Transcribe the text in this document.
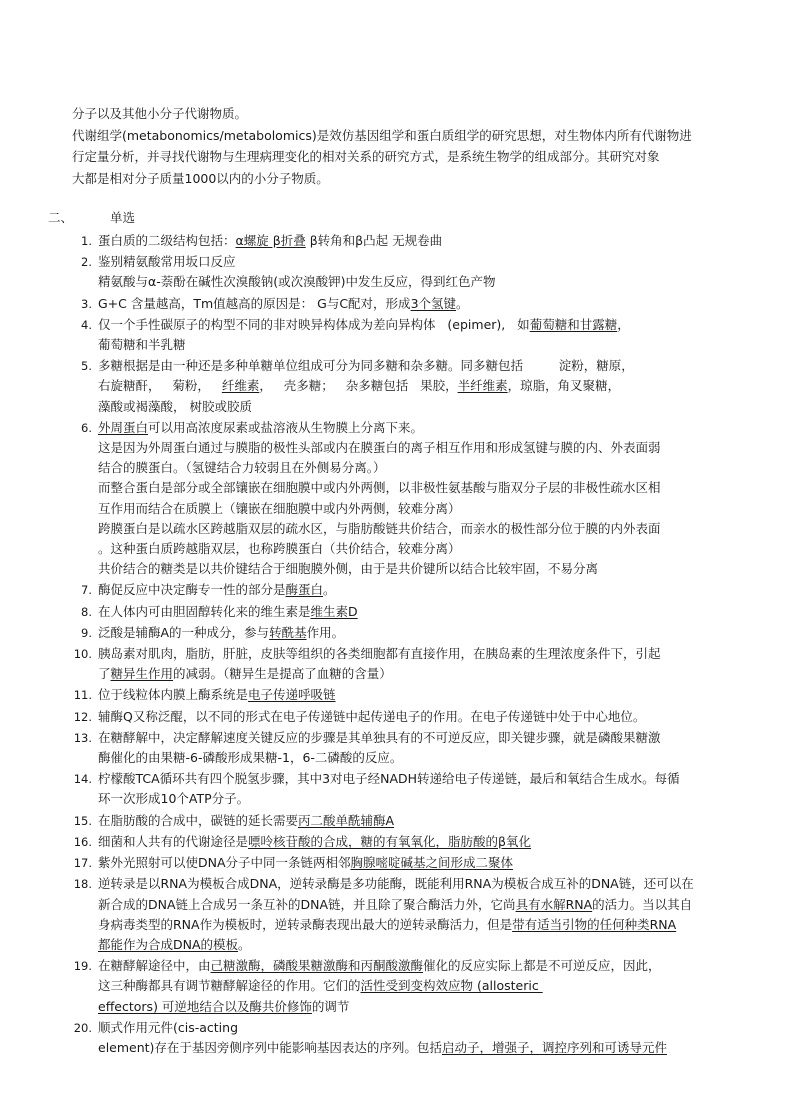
分子以及其他小分子代谢物质。

代谢组学(metabonomics/metabolomics)是效仿基因组学和蛋白质组学的研究思想，对生物体内所有代谢物进

行定量分析，并寻找代谢物与生理病理变化的相对关系的研究方式，是系统生物学的组成部分。其研究对象

大都是相对分子质量1000以内的小分子物质。

二、	单选
1. 蛋白质的二级结构包括：α螺旋 β折叠 β转角和β凸起 无规卷曲
2. 鉴别精氨酸常用坂口反应
精氨酸与α-萘酚在碱性次溴酸钠(或次溴酸钾)中发生反应，得到红色产物
3. G+C 含量越高，Tm值越高的原因是： G与C配对，形成3个氢键。
4. 仅一个手性碳原子的构型不同的非对映异构体成为差向异构体   (epimer),   如葡萄糖和甘露糖，
葡萄糖和半乳糖
5. 多糖根据是由一种还是多种单糖单位组成可分为同多糖和杂多糖。同多糖包括         淀粉，糖原，
右旋糖酐，   菊粉，   纤维素，   壳多糖；   杂多糖包括   果胶，半纤维素，琼脂，角叉聚糖，
藻酸或褐藻酸， 树胶或胶质
6. 外周蛋白可以用高浓度尿素或盐溶液从生物膜上分离下来。
这是因为外周蛋白通过与膜脂的极性头部或内在膜蛋白的离子相互作用和形成氢键与膜的内、外表面弱
结合的膜蛋白。（氢键结合力较弱且在外侧易分离。）
而整合蛋白是部分或全部镶嵌在细胞膜中或内外两侧，以非极性氨基酸与脂双分子层的非极性疏水区相
互作用而结合在质膜上（镶嵌在细胞膜中或内外两侧，较难分离）
跨膜蛋白是以疏水区跨越脂双层的疏水区，与脂肪酸链共价结合，而亲水的极性部分位于膜的内外表面
。这种蛋白质跨越脂双层，也称跨膜蛋白（共价结合，较难分离）
共价结合的糖类是以共价键结合于细胞膜外侧，由于是共价键所以结合比较牢固，不易分离
7. 酶促反应中决定酶专一性的部分是酶蛋白。
8. 在人体内可由胆固醇转化来的维生素是维生素D
9. 泛酸是辅酶A的一种成分，参与转酰基作用。
10. 胰岛素对肌肉，脂肪，肝脏，皮肤等组织的各类细胞都有直接作用，在胰岛素的生理浓度条件下，引起
了糖异生作用的减弱。（糖异生是提高了血糖的含量）
11. 位于线粒体内膜上酶系统是电子传递呼吸链
12. 辅酶Q又称泛醌，以不同的形式在电子传递链中起传递电子的作用。在电子传递链中处于中心地位。
13. 在糖酵解中，决定酵解速度关键反应的步骤是其单独具有的不可逆反应，即关键步骤，就是磷酸果糖激
酶催化的由果糖-6-磷酸形成果糖-1，6-二磷酸的反应。
14. 柠檬酸TCA循环共有四个脱氢步骤，其中3对电子经NADH转递给电子传递链，最后和氧结合生成水。每循
环一次形成10个ATP分子。
15. 在脂肪酸的合成中，碳链的延长需要丙二酸单酰辅酶A
16. 细菌和人共有的代谢途径是嘌呤核苷酸的合成，糖的有氧氧化，脂肪酸的β氧化
17. 紫外光照射可以使DNA分子中同一条链两相邻胸腺嘧啶碱基之间形成二聚体
18. 逆转录是以RNA为模板合成DNA，逆转录酶是多功能酶，既能利用RNA为模板合成互补的DNA链，还可以在
新合成的DNA链上合成另一条互补的DNA链，并且除了聚合酶活力外，它尚具有水解RNA的活力。当以其自
身病毒类型的RNA作为模板时，逆转录酶表现出最大的逆转录酶活力，但是带有适当引物的任何种类RNA
都能作为合成DNA的模板。
19. 在糖酵解途径中，由己糖激酶，磷酸果糖激酶和丙酮酸激酶催化的反应实际上都是不可逆反应，因此，
这三种酶都具有调节糖酵解途径的作用。它们的活性受到变构效应物 (allosteric
effectors) 可逆地结合以及酶共价修饰的调节
20. 顺式作用元件(cis-acting
element)存在于基因旁侧序列中能影响基因表达的序列。包括启动子，增强子，调控序列和可诱导元件
